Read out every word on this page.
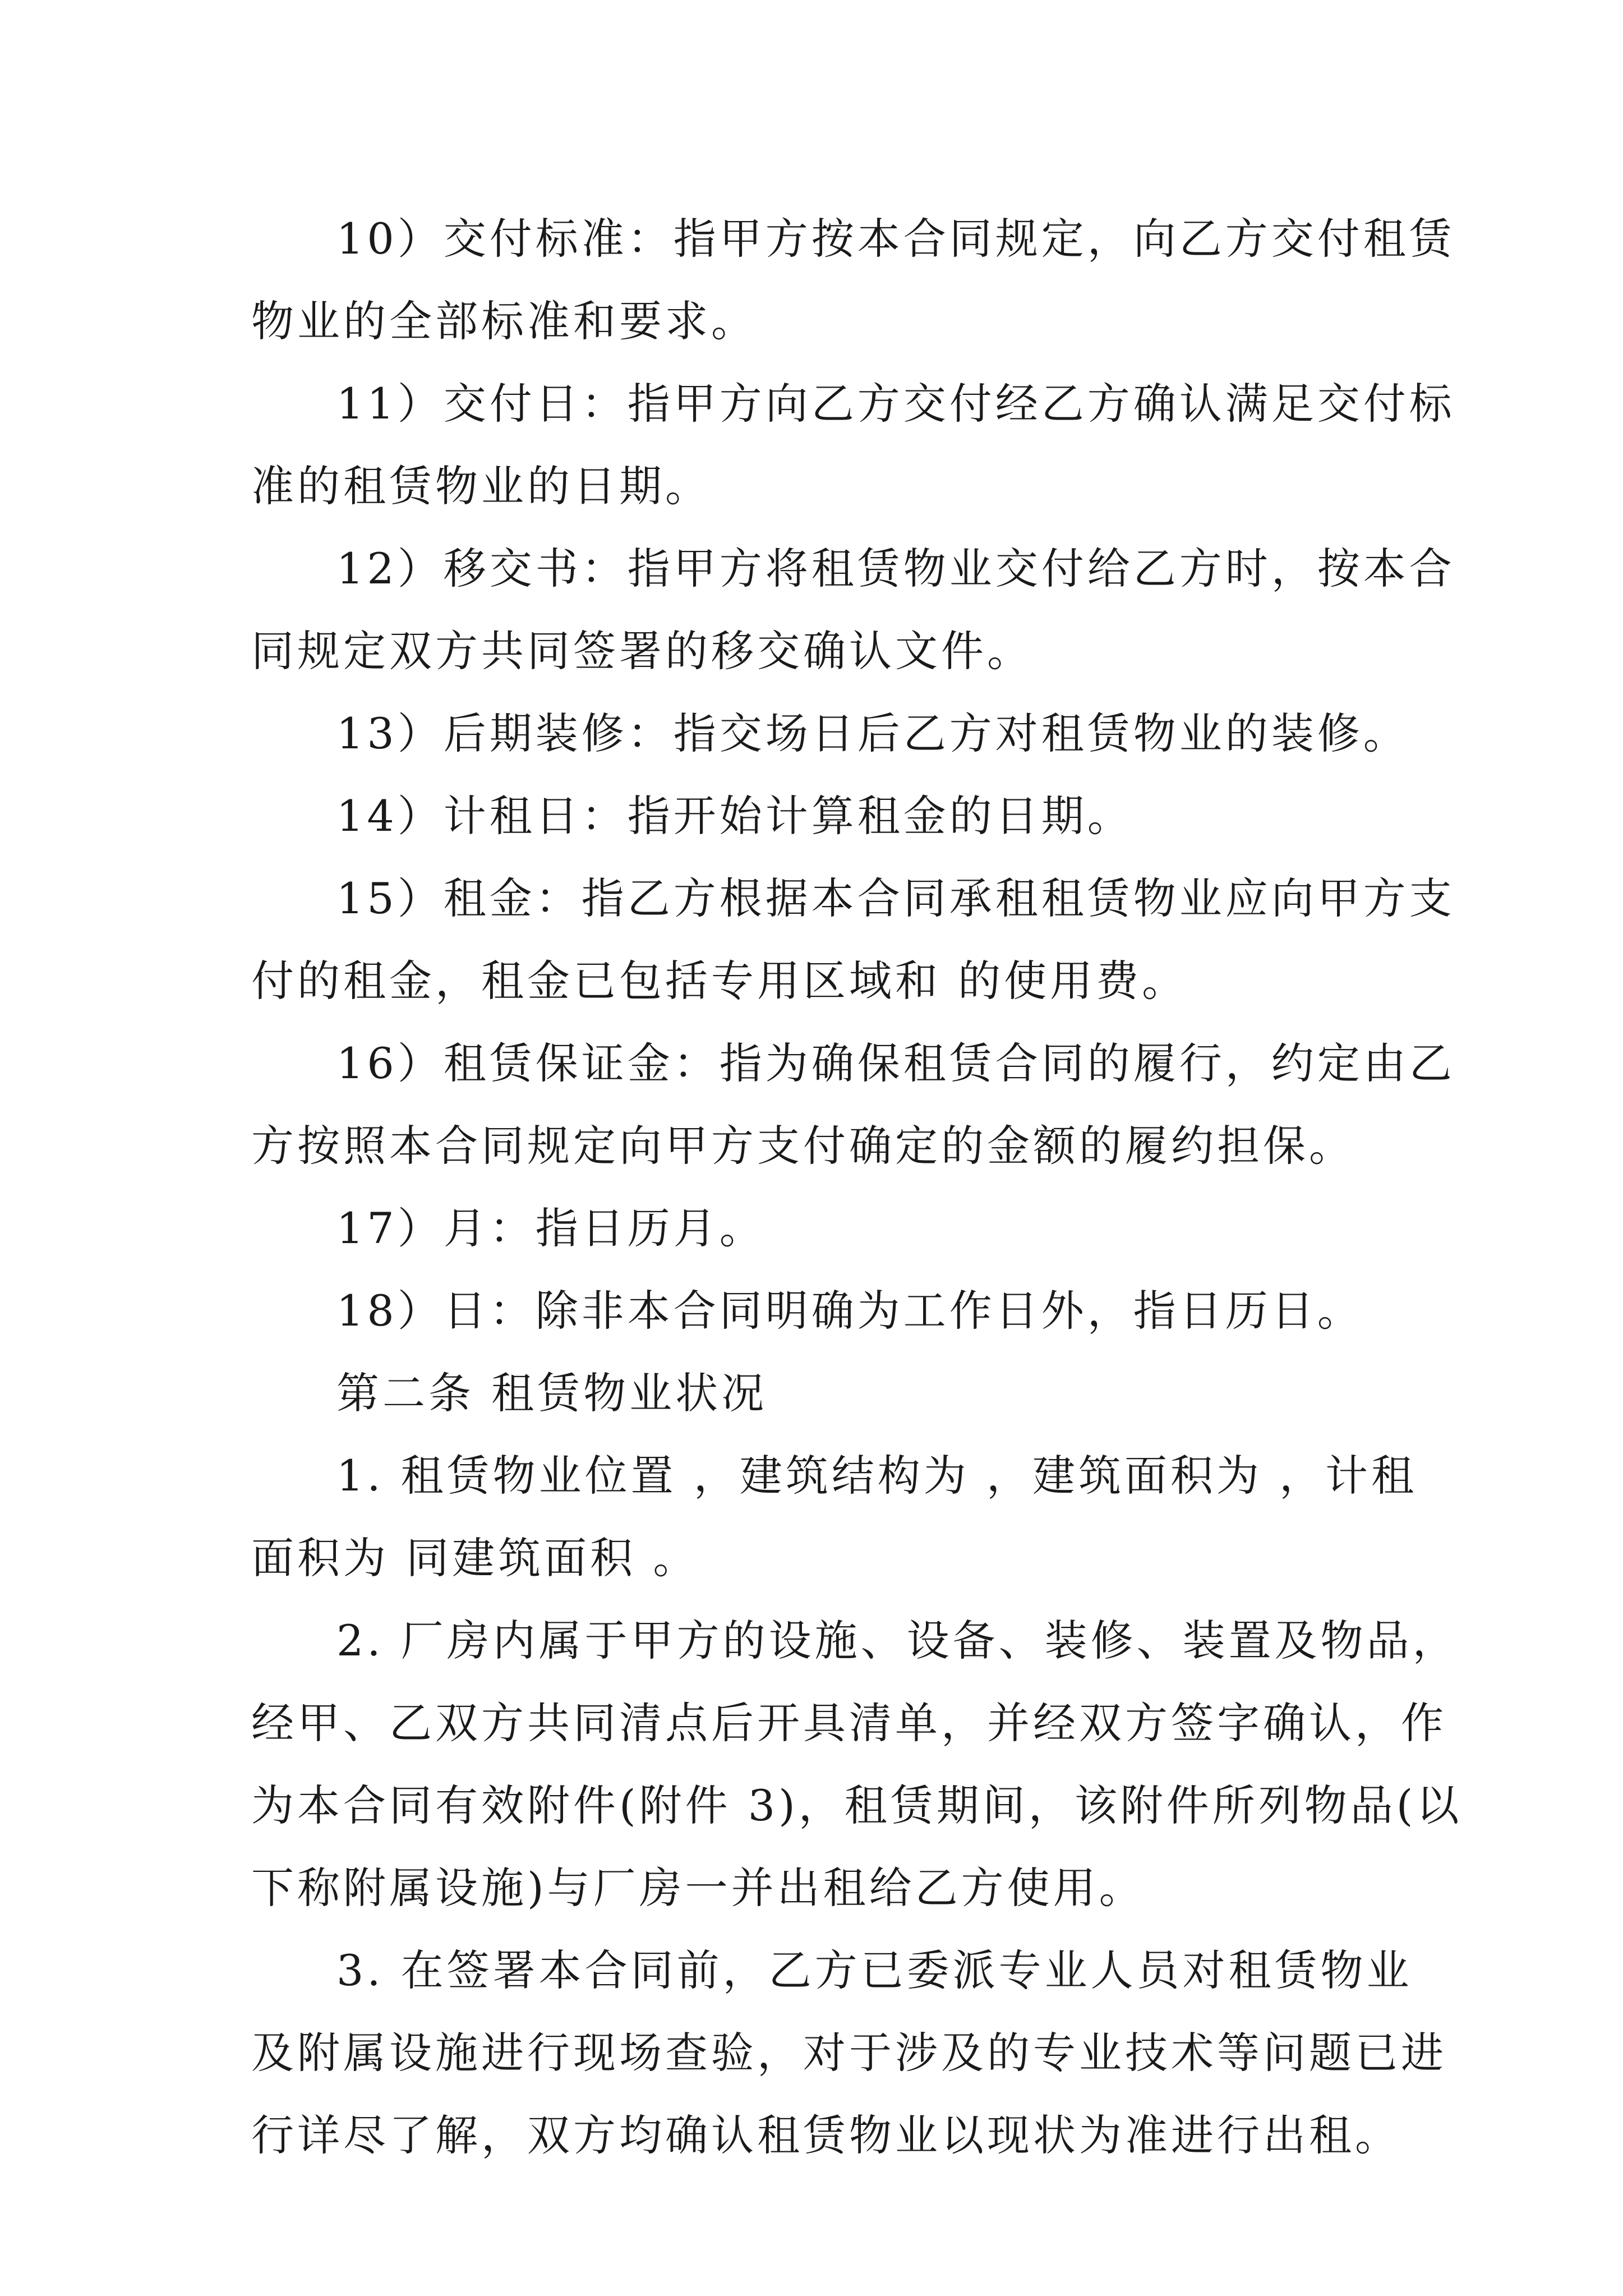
10）交付标准：指甲方按本合同规定，向乙方交付租赁
物业的全部标准和要求。

11）交付日：指甲方向乙方交付经乙方确认满足交付标
准的租赁物业的日期。

12）移交书：指甲方将租赁物业交付给乙方时，按本合
同规定双方共同签署的移交确认文件。

13）后期装修：指交场日后乙方对租赁物业的装修。

14）计租日：指开始计算租金的日期。

15）租金：指乙方根据本合同承租租赁物业应向甲方支
付的租金，租金已包括专用区域和 的使用费。

16）租赁保证金：指为确保租赁合同的履行，约定由乙
方按照本合同规定向甲方支付确定的金额的履约担保。

17）月：指日历月。

18）日：除非本合同明确为工作日外，指日历日。

第二条 租赁物业状况

1. 租赁物业位置 ，建筑结构为 ，建筑面积为 ，计租
面积为 同建筑面积 。

2. 厂房内属于甲方的设施、设备、装修、装置及物品，
经甲、乙双方共同清点后开具清单，并经双方签字确认，作
为本合同有效附件(附件 3)，租赁期间，该附件所列物品(以
下称附属设施)与厂房一并出租给乙方使用。

3. 在签署本合同前，乙方已委派专业人员对租赁物业
及附属设施进行现场查验，对于涉及的专业技术等问题已进
行详尽了解，双方均确认租赁物业以现状为准进行出租。
